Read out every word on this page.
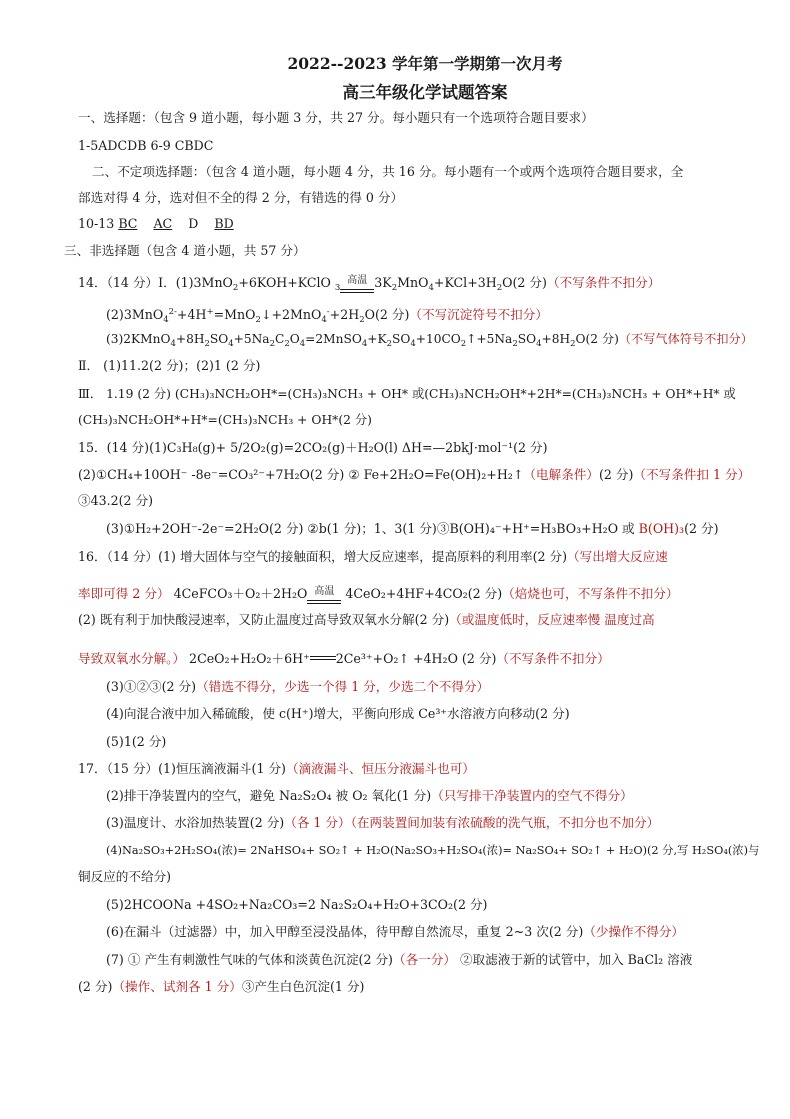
2022--2023 学年第一学期第一次月考
高三年级化学试题答案
一、选择题：（包含 9 道小题，每小题 3 分，共 27 分。每小题只有一个选项符合题目要求）
1-5ADCDB 6-9 CBDC
二、不定项选择题：（包含 4 道小题，每小题 4 分，共 16 分。每小题有一个或两个选项符合题目要求，全
部选对得 4 分，选对但不全的得 2 分，有错选的得 0 分）
10-13 BC AC D BD
三、非选择题（包含 4 道小题，共 57 分）
14．（14 分）Ⅰ．(1)3MnO$_2$+6KOH+KClO $_3$高温 $3K_2MnO_4+KCl+3H_2O(2$ 分)（不写条件不扣分）
$(2)3MnO_4^{2-}+4H^+=MnO_2↓+2MnO_4^-+2H_2O(2$ 分)（不写沉淀符号不扣分）
$(3)2KMnO_4+8H_2SO_4+5Na_2C_2O_4=2MnSO_4+K_2SO_4+10CO_2↑+5Na_2SO_4+8H_2O(2$ 分)（不写气体符号不扣分）
Ⅱ． (1)11.2(2 分)；(2)1 (2 分)
Ⅲ． 1.19 (2 分) (CH₃)₃NCH₂OH*=(CH₃)₃NCH₃ + OH* 或(CH₃)₃NCH₂OH*+2H*=(CH₃)₃NCH₃ + OH*+H* 或
(CH₃)₃NCH₂OH*+H*=(CH₃)₃NCH₃ + OH*(2 分)
15．(14 分)(1)C₃H₈(g)+ 5/2O₂(g)=2CO₂(g)＋H₂O(l) ΔH=—2bkJ·mol⁻¹(2 分)
(2)①CH₄+10OH⁻ -8e⁻=CO₃²⁻+7H₂O(2 分) ② Fe+2H₂O=Fe(OH)₂+H₂↑（电解条件）(2 分)（不写条件扣 1 分）
③43.2(2 分)
(3)①H₂+2OH⁻-2e⁻=2H₂O(2 分) ②b(1 分)；1、3(1 分)③B(OH)₄⁻+H⁺=H₃BO₃+H₂O 或 B(OH)₃(2 分)
16．（14 分）(1) 增大固体与空气的接触面积，增大反应速率，提高原料的利用率(2 分)（写出增大反应速
率即可得 2 分） 4CeFCO₃＋O₂＋2H₂O 高温 4CeO₂+4HF+4CO₂(2 分)（焙烧也可，不写条件不扣分）
(2) 既有利于加快酸浸速率，又防止温度过高导致双氧水分解(2 分)（或温度低时，反应速率慢 温度过高
导致双氧水分解。） 2CeO₂+H₂O₂＋6H⁺ 2Ce³⁺+O₂↑ +4H₂O (2 分)（不写条件不扣分）
(3)①②③(2 分)（错选不得分，少选一个得 1 分，少选二个不得分）
(4)向混合液中加入稀硫酸，使 c(H⁺)增大，平衡向形成 Ce³⁺水溶液方向移动(2 分)
(5)1(2 分)
17．（15 分）(1)恒压滴液漏斗(1 分)（滴液漏斗、恒压分液漏斗也可）
(2)排干净装置内的空气，避免 Na₂S₂O₄ 被 O₂ 氧化(1 分)（只写排干净装置内的空气不得分）
(3)温度计、水浴加热装置(2 分)（各 1 分）（在两装置间加装有浓硫酸的洗气瓶，不扣分也不加分）
(4)Na₂SO₃+2H₂SO₄(浓)= 2NaHSO₄+ SO₂↑ + H₂O(Na₂SO₃+H₂SO₄(浓)= Na₂SO₄+ SO₂↑ + H₂O)(2 分,写 H₂SO₄(浓)与
铜反应的不给分)
(5)2HCOONa +4SO₂+Na₂CO₃=2 Na₂S₂O₄+H₂O+3CO₂(2 分)
(6)在漏斗（过滤器）中，加入甲醇至浸没晶体，待甲醇自然流尽，重复 2~3 次(2 分)（少操作不得分）
(7) ① 产生有刺激性气味的气体和淡黄色沉淀(2 分)（各一分） ②取滤液于新的试管中，加入 BaCl₂ 溶液
(2 分)（操作、试剂各 1 分）③产生白色沉淀(1 分)
